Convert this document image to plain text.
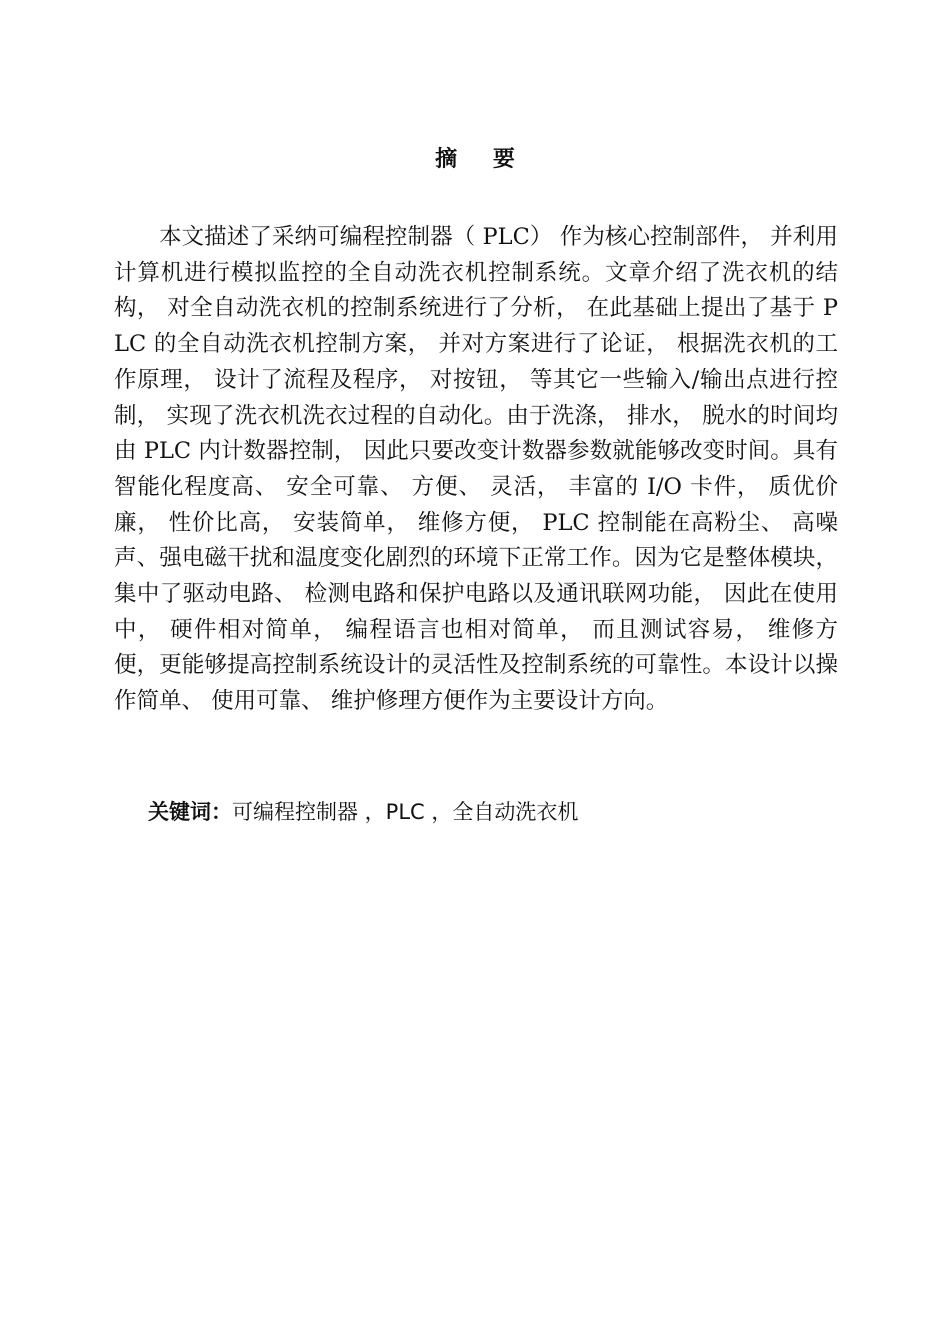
摘 要

本文描述了采纳可编程控制器（ PLC） 作为核心控制部件， 并利用计算机进行模拟监控的全自动洗衣机控制系统。文章介绍了洗衣机的结构， 对全自动洗衣机的控制系统进行了分析， 在此基础上提出了基于 PLC 的全自动洗衣机控制方案， 并对方案进行了论证， 根据洗衣机的工作原理， 设计了流程及程序， 对按钮， 等其它一些输入/输出点进行控制， 实现了洗衣机洗衣过程的自动化。由于洗涤， 排水， 脱水的时间均由 PLC 内计数器控制， 因此只要改变计数器参数就能够改变时间。具有智能化程度高、 安全可靠、 方便、 灵活， 丰富的 I/O 卡件， 质优价廉， 性价比高， 安装简单， 维修方便， PLC 控制能在高粉尘、 高噪声、强电磁干扰和温度变化剧烈的环境下正常工作。因为它是整体模块， 集中了驱动电路、 检测电路和保护电路以及通讯联网功能， 因此在使用中， 硬件相对简单， 编程语言也相对简单， 而且测试容易， 维修方便，更能够提高控制系统设计的灵活性及控制系统的可靠性。本设计以操作简单、 使用可靠、 维护修理方便作为主要设计方向。

关键词：可编程控制器 ，PLC ，全自动洗衣机
